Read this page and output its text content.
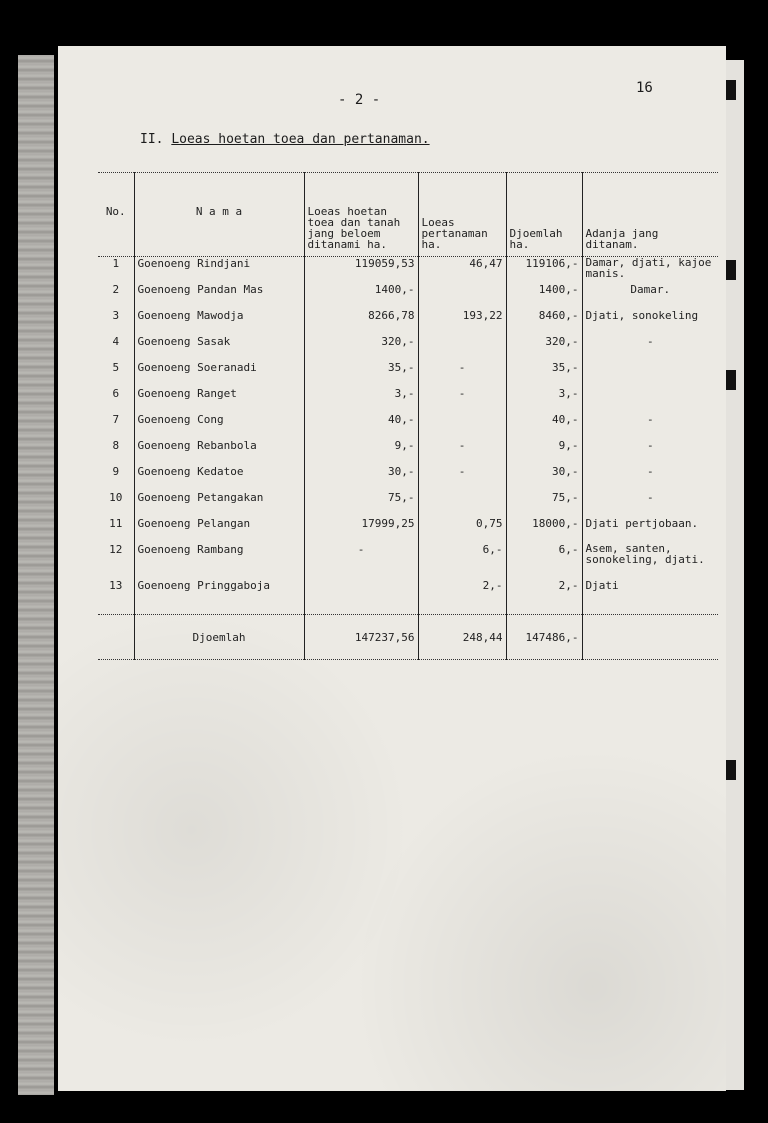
- 2 -
16
II. Loeas hoetan toea dan pertanaman.
No.	N a m a	Loeas hoetan toea dan tanah jang beloem ditanami ha.	Loeas pertanaman ha.	Djoemlah ha.	Adanja jang ditanam.
1	Goenoeng Rindjani	119059,53	46,47	119106,-	Damar, djati, kajoe manis.
2	Goenoeng Pandan Mas	1400,-		1400,-	Damar.
3	Goenoeng Mawodja	8266,78	193,22	8460,-	Djati, sonokeling
4	Goenoeng Sasak	320,-		320,-	-
5	Goenoeng Soeranadi	35,-	-	35,-	
6	Goenoeng Ranget	3,-	-	3,-	
7	Goenoeng Cong	40,-		40,-	-
8	Goenoeng Rebanbola	9,-	-	9,-	-
9	Goenoeng Kedatoe	30,-	-	30,-	-
10	Goenoeng Petangakan	75,-		75,-	-
11	Goenoeng Pelangan	17999,25	0,75	18000,-	Djati pertjobaan.
12	Goenoeng Rambang	-	6,-	6,-	Asem, santen, sonokeling, djati.
13	Goenoeng Pringgaboja		2,-	2,-	Djati

	Djoemlah	147237,56	248,44	147486,-	
